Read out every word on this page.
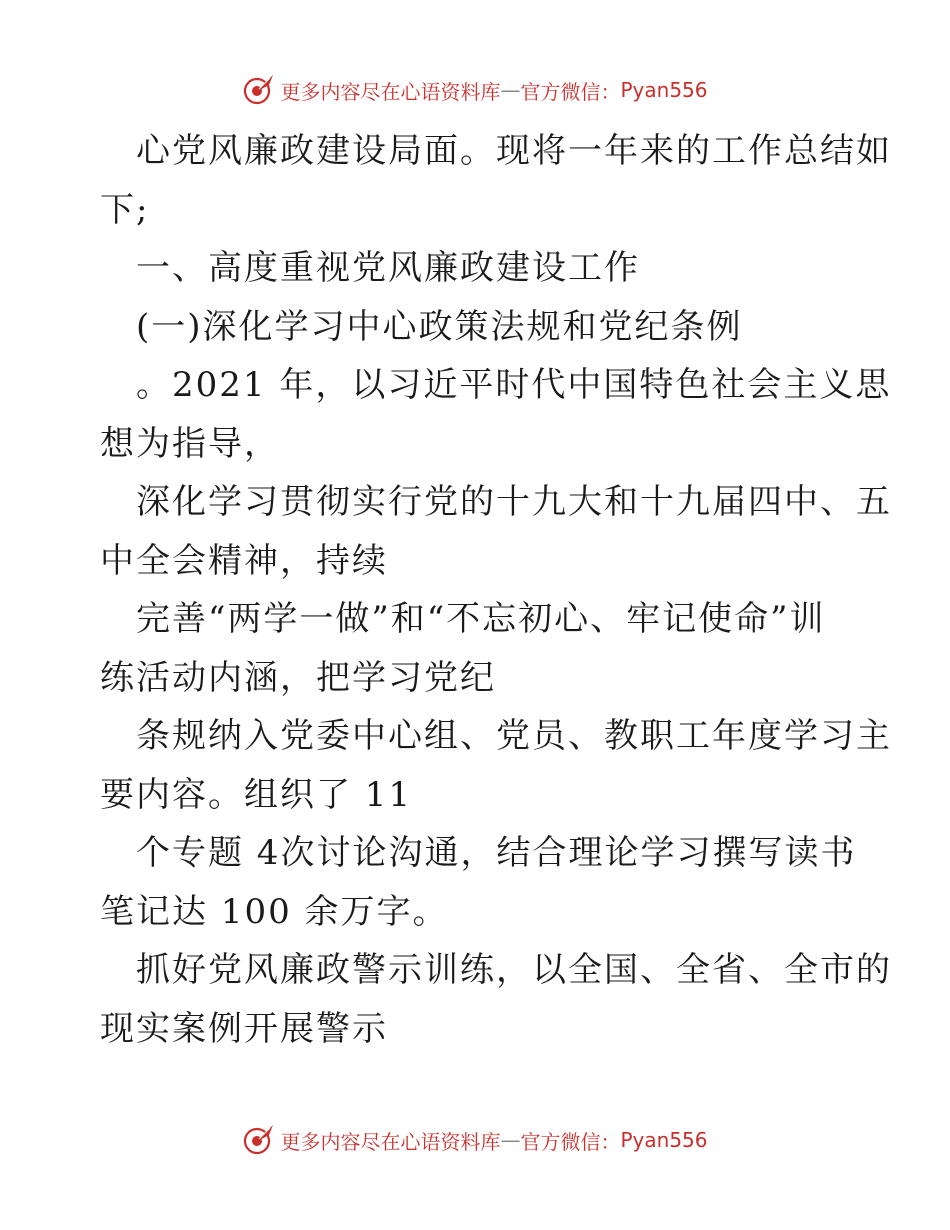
更多内容尽在心语资料库 — 官方微信： Pyan556
心党风廉政建设局面。现将一年来的工作总结如
下;
一、高度重视党风廉政建设工作
(一)深化学习中心政策法规和党纪条例
。2021 年，以习近平时代中国特色社会主义思
想为指导，
深化学习贯彻实行党的十九大和十九届四中、五
中全会精神，持续
完善“两学一做”和“不忘初心、牢记使命”训
练活动内涵，把学习党纪
条规纳入党委中心组、党员、教职工年度学习主
要内容。组织了 11
个专题 4次讨论沟通，结合理论学习撰写读书
笔记达 100 余万字。
抓好党风廉政警示训练，以全国、全省、全市的
现实案例开展警示
更多内容尽在心语资料库 — 官方微信： Pyan556
